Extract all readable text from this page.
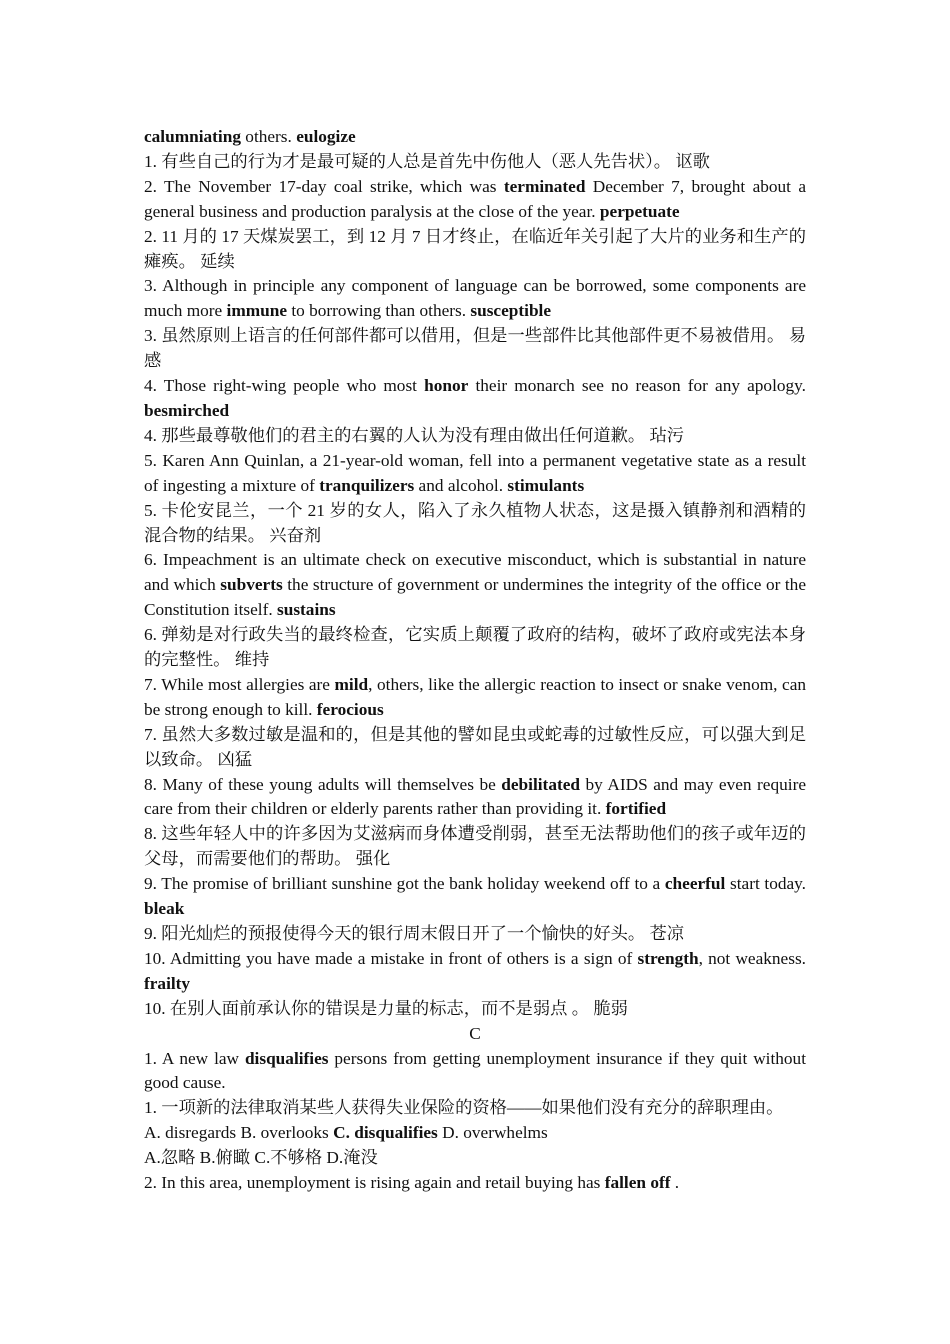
calumniating others. eulogize
1. 有些自己的行为才是最可疑的人总是首先中伤他人（恶人先告状）。 讴歌
2. The November 17-day coal strike, which was terminated December 7, brought about a general business and production paralysis at the close of the year. perpetuate
2. 11 月的 17 天煤炭罢工，到 12 月 7 日才终止，在临近年关引起了大片的业务和生产的瘫痪。 延续
3. Although in principle any component of language can be borrowed, some components are much more immune to borrowing than others. susceptible
3. 虽然原则上语言的任何部件都可以借用，但是一些部件比其他部件更不易被借用。 易感
4. Those right-wing people who most honor their monarch see no reason for any apology. besmirched
4. 那些最尊敬他们的君主的右翼的人认为没有理由做出任何道歉。 玷污
5. Karen Ann Quinlan, a 21-year-old woman, fell into a permanent vegetative state as a result of ingesting a mixture of tranquilizers and alcohol. stimulants
5. 卡伦安昆兰，一个 21 岁的女人，陷入了永久植物人状态，这是摄入镇静剂和酒精的混合物的结果。 兴奋剂
6. Impeachment is an ultimate check on executive misconduct, which is substantial in nature and which subverts the structure of government or undermines the integrity of the office or the Constitution itself. sustains
6. 弹劾是对行政失当的最终检查，它实质上颠覆了政府的结构，破坏了政府或宪法本身的完整性。 维持
7. While most allergies are mild, others, like the allergic reaction to insect or snake venom, can be strong enough to kill. ferocious
7. 虽然大多数过敏是温和的，但是其他的譬如昆虫或蛇毒的过敏性反应，可以强大到足以致命。 凶猛
8. Many of these young adults will themselves be debilitated by AIDS and may even require care from their children or elderly parents rather than providing it. fortified
8. 这些年轻人中的许多因为艾滋病而身体遭受削弱，甚至无法帮助他们的孩子或年迈的父母，而需要他们的帮助。 强化
9. The promise of brilliant sunshine got the bank holiday weekend off to a cheerful start today. bleak
9. 阳光灿烂的预报使得今天的银行周末假日开了一个愉快的好头。 苍凉
10. Admitting you have made a mistake in front of others is a sign of strength, not weakness. frailty
10. 在别人面前承认你的错误是力量的标志，而不是弱点 。 脆弱
C
1. A new law disqualifies persons from getting unemployment insurance if they quit without good cause.
1. 一项新的法律取消某些人获得失业保险的资格——如果他们没有充分的辞职理由。
A. disregards B. overlooks C. disqualifies D. overwhelms
A.忽略 B.俯瞰 C.不够格 D.淹没
2. In this area, unemployment is rising again and retail buying has fallen off .
